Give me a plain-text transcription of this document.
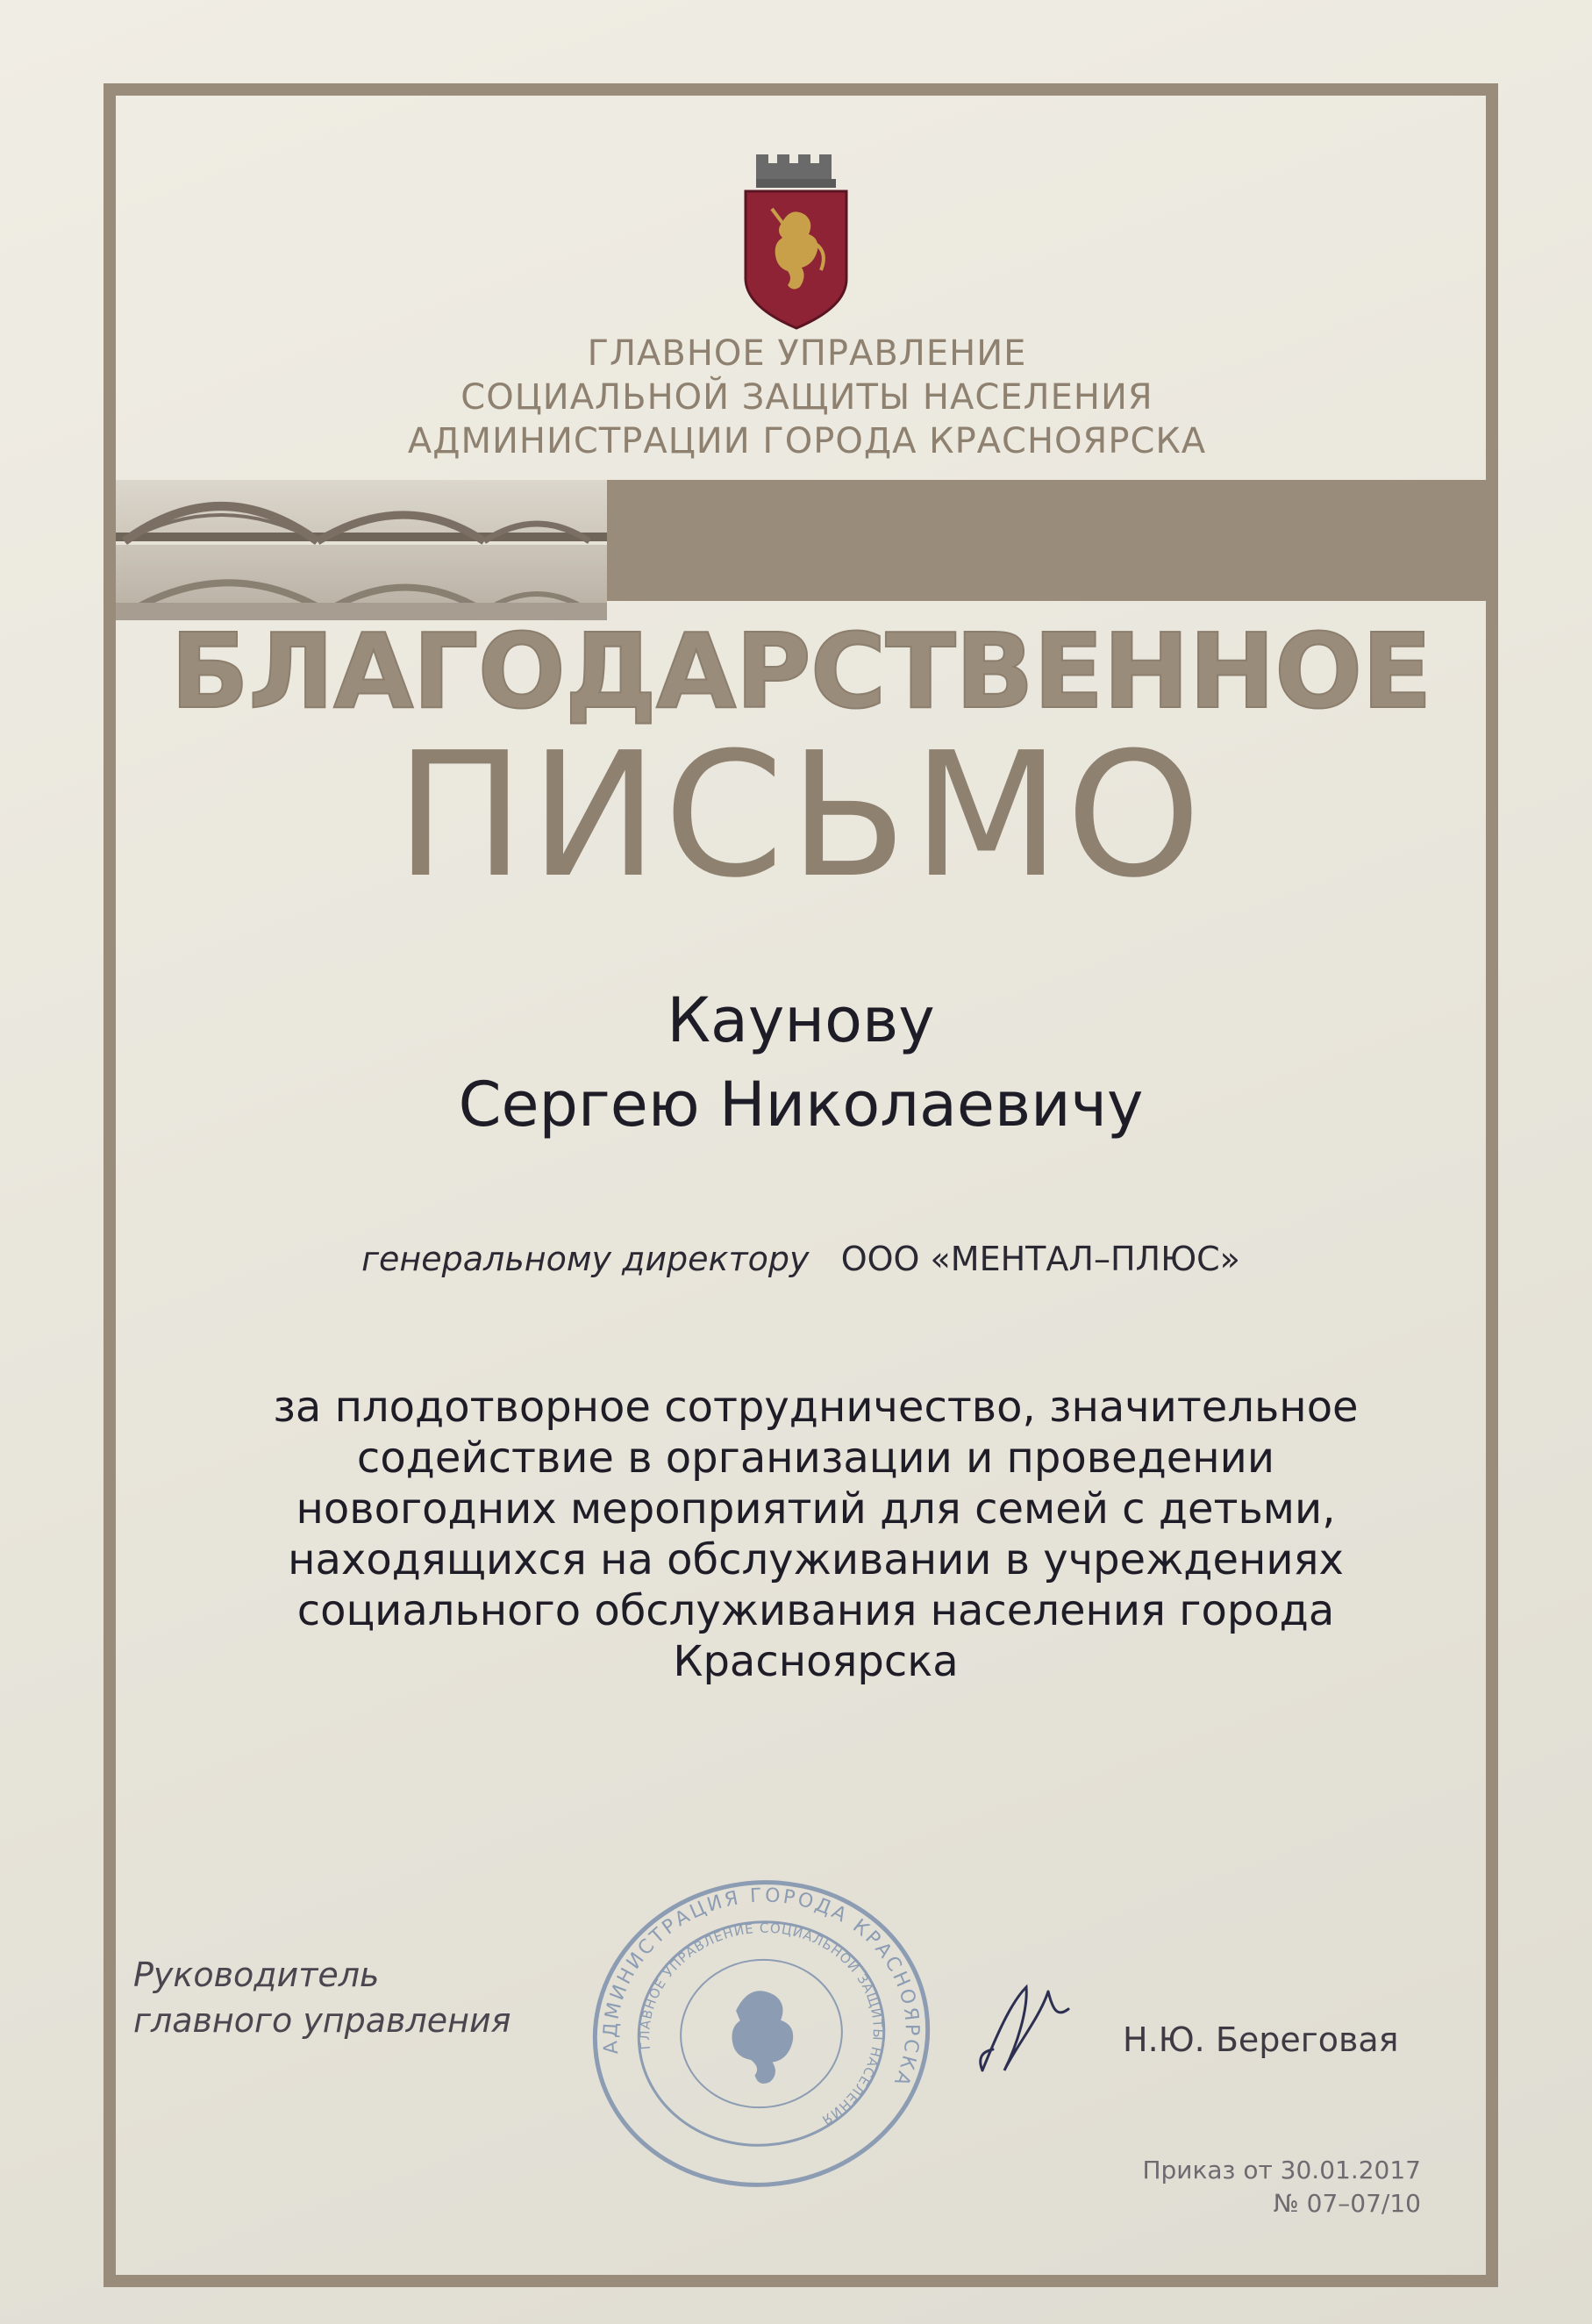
ГЛАВНОЕ УПРАВЛЕНИЕ
СОЦИАЛЬНОЙ ЗАЩИТЫ НАСЕЛЕНИЯ
АДМИНИСТРАЦИИ ГОРОДА КРАСНОЯРСКА
БЛАГОДАРСТВЕННОЕ
ПИСЬМО
Каунову
Сергею Николаевичу
генеральному директору ООО «МЕНТАЛ–ПЛЮС»
за плодотворное сотрудничество, значительное
содействие в организации и проведении
новогодних мероприятий для семей с детьми,
находящихся на обслуживании в учреждениях
социального обслуживания населения города
Красноярска
Руководитель
главного управления
АДМИНИСТРАЦИЯ ГОРОДА КРАСНОЯРСКА
ГЛАВНОЕ УПРАВЛЕНИЕ СОЦИАЛЬНОЙ ЗАЩИТЫ НАСЕЛЕНИЯ
Н.Ю. Береговая
Приказ от 30.01.2017
№ 07–07/10
